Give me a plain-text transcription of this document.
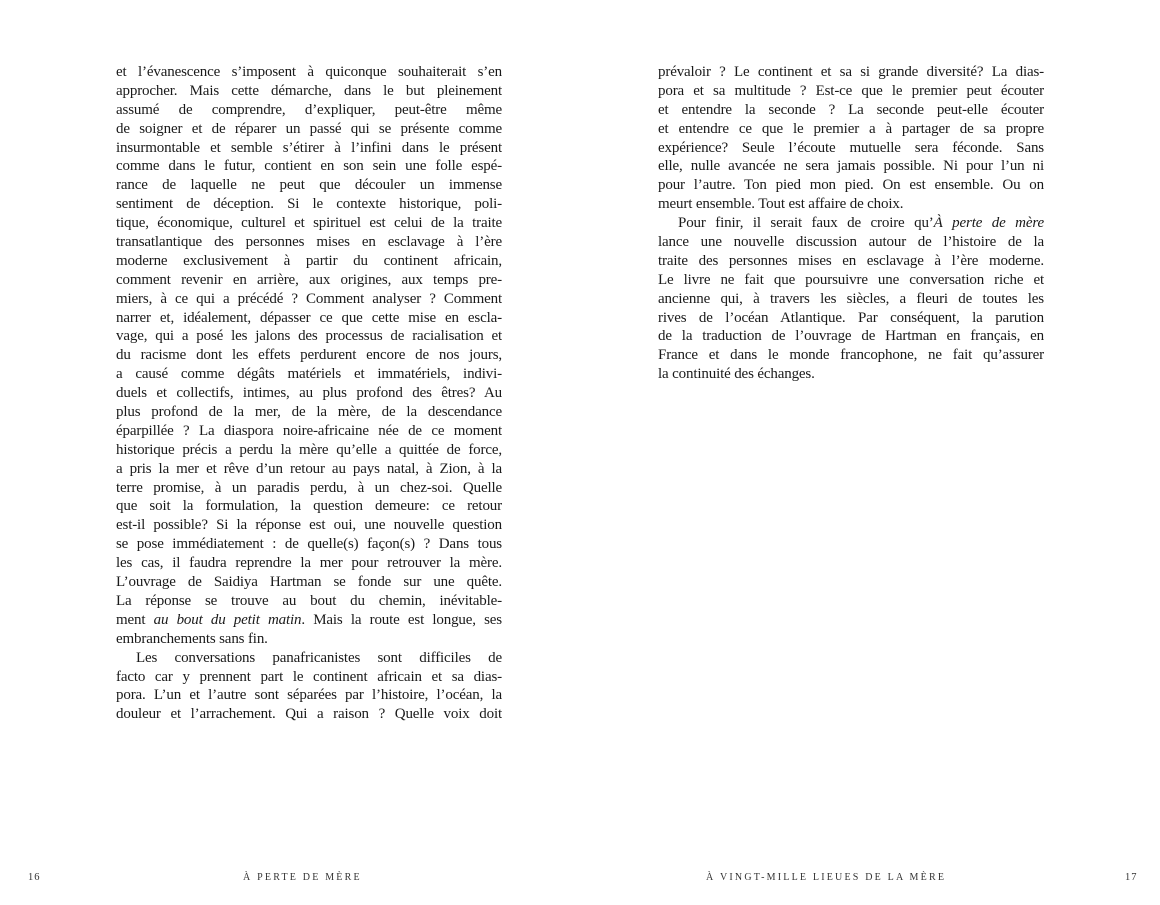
et l’évanescence s’imposent à quiconque souhaiterait s’en
approcher. Mais cette démarche, dans le but pleinement
assumé de comprendre, d’expliquer, peut-être même
de soigner et de réparer un passé qui se présente comme
insurmontable et semble s’étirer à l’infini dans le présent
comme dans le futur, contient en son sein une folle espé-
rance de laquelle ne peut que découler un immense
sentiment de déception. Si le contexte historique, poli-
tique, économique, culturel et spirituel est celui de la traite
transatlantique des personnes mises en esclavage à l’ère
moderne exclusivement à partir du continent africain,
comment revenir en arrière, aux origines, aux temps pre-
miers, à ce qui a précédé ? Comment analyser ? Comment
narrer et, idéalement, dépasser ce que cette mise en escla-
vage, qui a posé les jalons des processus de racialisation et
du racisme dont les effets perdurent encore de nos jours,
a causé comme dégâts matériels et immatériels, indivi-
duels et collectifs, intimes, au plus profond des êtres? Au
plus profond de la mer, de la mère, de la descendance
éparpillée ? La diaspora noire-africaine née de ce moment
historique précis a perdu la mère qu’elle a quittée de force,
a pris la mer et rêve d’un retour au pays natal, à Zion, à la
terre promise, à un paradis perdu, à un chez-soi. Quelle
que soit la formulation, la question demeure: ce retour
est-il possible? Si la réponse est oui, une nouvelle question
se pose immédiatement : de quelle(s) façon(s) ? Dans tous
les cas, il faudra reprendre la mer pour retrouver la mère.
L’ouvrage de Saidiya Hartman se fonde sur une quête.
La réponse se trouve au bout du chemin, inévitable-
ment au bout du petit matin. Mais la route est longue, ses
embranchements sans fin.
Les conversations panafricanistes sont difficiles de
facto car y prennent part le continent africain et sa dias-
pora. L’un et l’autre sont séparées par l’histoire, l’océan, la
douleur et l’arrachement. Qui a raison ? Quelle voix doit
16	À PERTE DE MÈRE
prévaloir ? Le continent et sa si grande diversité? La dias-
pora et sa multitude ? Est-ce que le premier peut écouter
et entendre la seconde ? La seconde peut-elle écouter
et entendre ce que le premier a à partager de sa propre
expérience? Seule l’écoute mutuelle sera féconde. Sans
elle, nulle avancée ne sera jamais possible. Ni pour l’un ni
pour l’autre. Ton pied mon pied. On est ensemble. Ou on
meurt ensemble. Tout est affaire de choix.
Pour finir, il serait faux de croire qu’À perte de mère
lance une nouvelle discussion autour de l’histoire de la
traite des personnes mises en esclavage à l’ère moderne.
Le livre ne fait que poursuivre une conversation riche et
ancienne qui, à travers les siècles, a fleuri de toutes les
rives de l’océan Atlantique. Par conséquent, la parution
de la traduction de l’ouvrage de Hartman en français, en
France et dans le monde francophone, ne fait qu’assurer
la continuité des échanges.
À VINGT-MILLE LIEUES DE LA MÈRE	17
